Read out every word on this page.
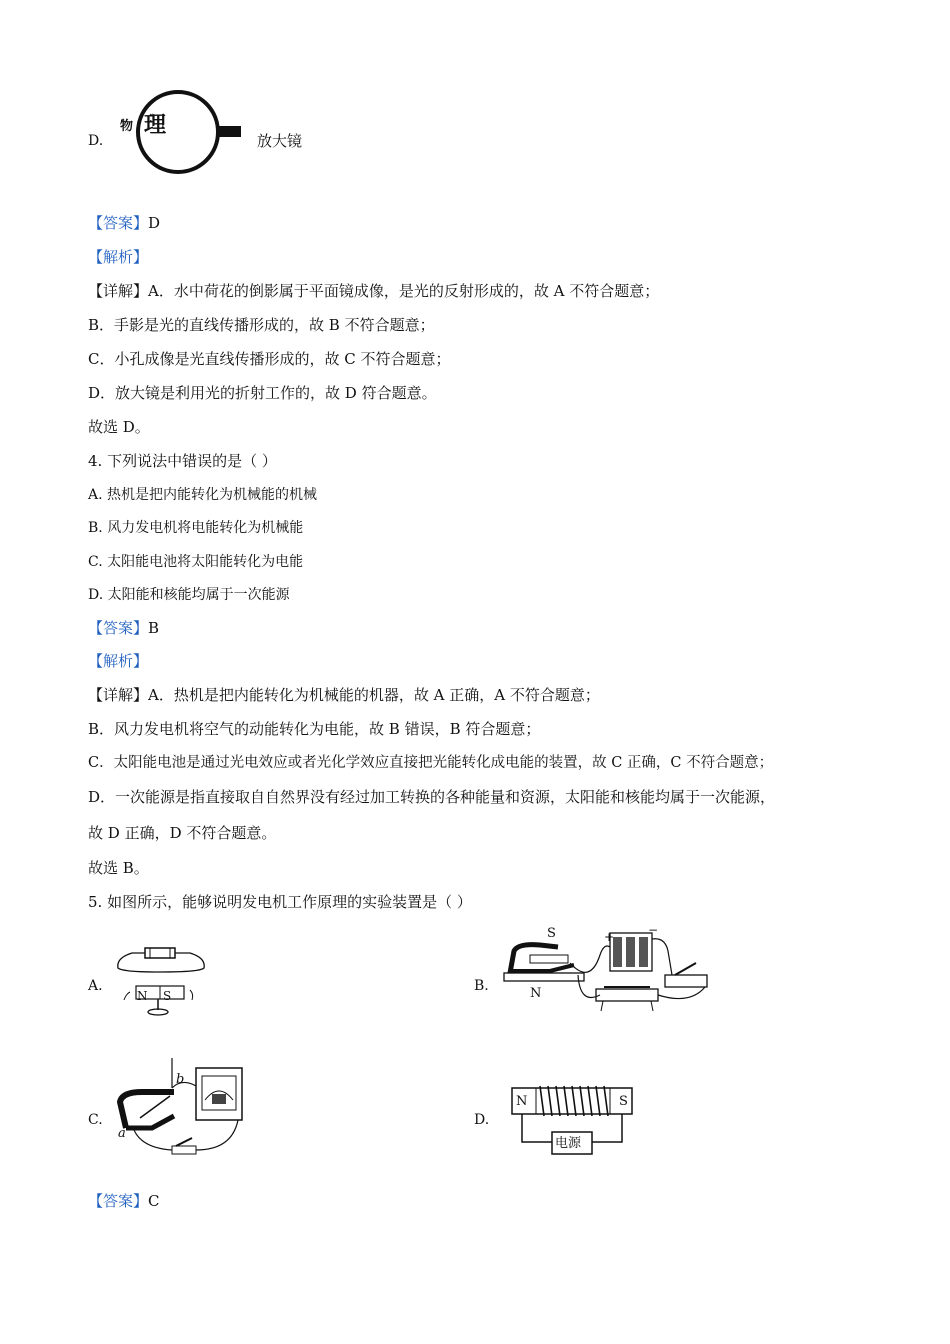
D.
物 理
放大镜
【答案】D
【解析】
【详解】A．水中荷花的倒影属于平面镜成像，是光的反射形成的，故 A 不符合题意；
B．手影是光的直线传播形成的，故 B 不符合题意；
C．小孔成像是光直线传播形成的，故 C 不符合题意；
D．放大镜是利用光的折射工作的，故 D 符合题意。
故选 D。
4. 下列说法中错误的是（ ）
A. 热机是把内能转化为机械能的机械
B. 风力发电机将电能转化为机械能
C. 太阳能电池将太阳能转化为电能
D. 太阳能和核能均属于一次能源
【答案】B
【解析】
【详解】A．热机是把内能转化为机械能的机器，故 A 正确，A 不符合题意；
B．风力发电机将空气的动能转化为电能，故 B 错误，B 符合题意；
C．太阳能电池是通过光电效应或者光化学效应直接把光能转化成电能的装置，故 C 正确，C 不符合题意；
D．一次能源是指直接取自自然界没有经过加工转换的各种能量和资源，太阳能和核能均属于一次能源，
故 D 正确，D 不符合题意。
故选 B。
5. 如图所示，能够说明发电机工作原理的实验装置是（ ）
A.
N S
B.
S
N
+	−
C.
b
a
D.
N	S
电源
【答案】C
